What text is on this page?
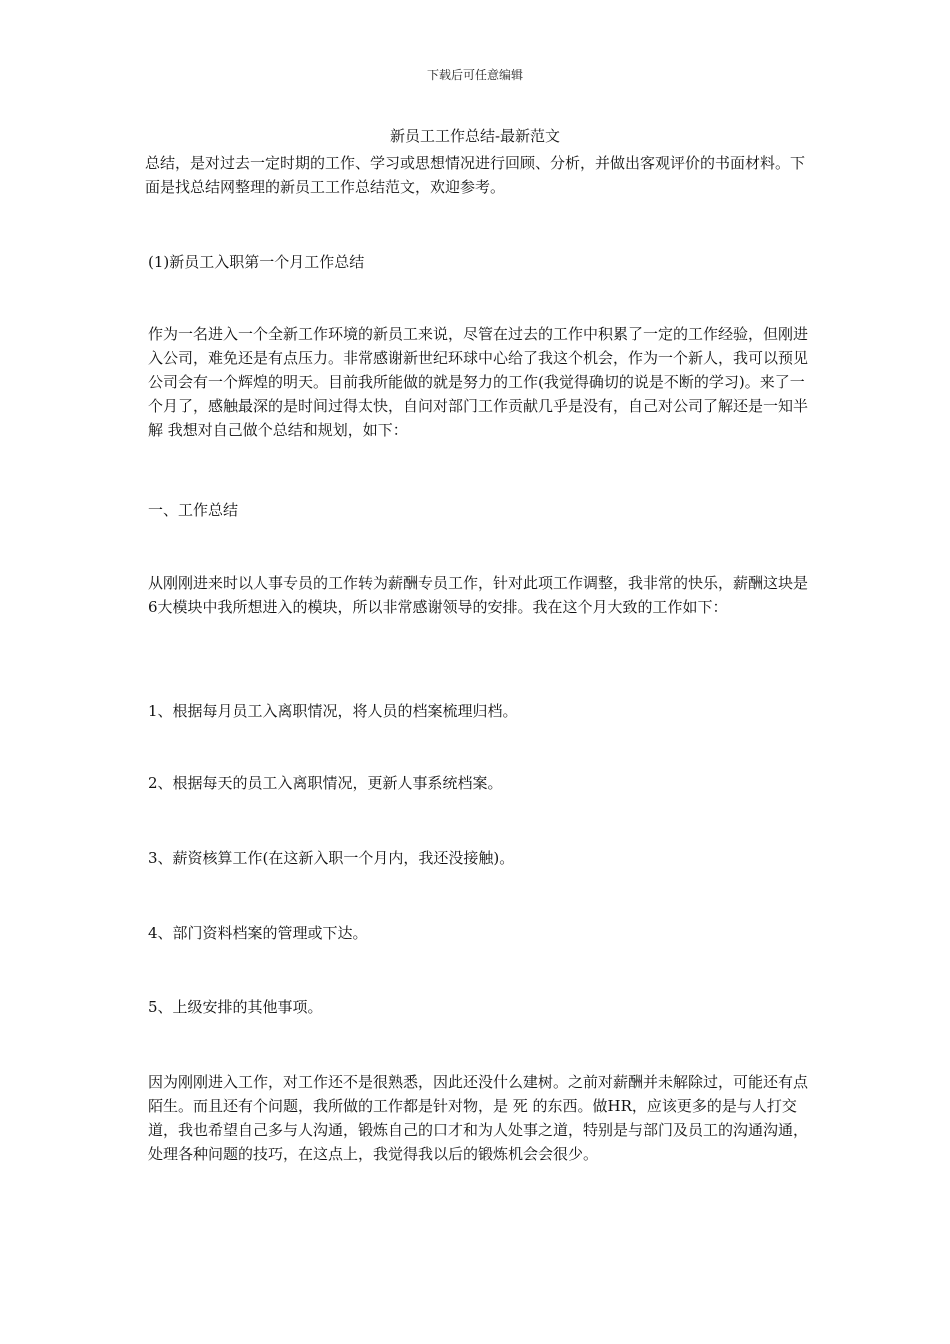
下载后可任意编辑
新员工工作总结-最新范文
总结，是对过去一定时期的工作、学习或思想情况进行回顾、分析，并做出客观评价的书面材料。下面是找总结网整理的新员工工作总结范文，欢迎参考。
(1)新员工入职第一个月工作总结
作为一名进入一个全新工作环境的新员工来说，尽管在过去的工作中积累了一定的工作经验，但刚进入公司，难免还是有点压力。非常感谢新世纪环球中心给了我这个机会，作为一个新人，我可以预见公司会有一个辉煌的明天。目前我所能做的就是努力的工作(我觉得确切的说是不断的学习)。来了一个月了，感触最深的是时间过得太快，自问对部门工作贡献几乎是没有，自己对公司了解还是一知半解 我想对自己做个总结和规划，如下：
一、工作总结
从刚刚进来时以人事专员的工作转为薪酬专员工作，针对此项工作调整，我非常的快乐，薪酬这块是6大模块中我所想进入的模块，所以非常感谢领导的安排。我在这个月大致的工作如下：
1、根据每月员工入离职情况，将人员的档案梳理归档。
2、根据每天的员工入离职情况，更新人事系统档案。
3、薪资核算工作(在这新入职一个月内，我还没接触)。
4、部门资料档案的管理或下达。
5、上级安排的其他事项。
因为刚刚进入工作，对工作还不是很熟悉，因此还没什么建树。之前对薪酬并未解除过，可能还有点陌生。而且还有个问题，我所做的工作都是针对物，是 死 的东西。做HR，应该更多的是与人打交道，我也希望自己多与人沟通，锻炼自己的口才和为人处事之道，特别是与部门及员工的沟通沟通，处理各种问题的技巧，在这点上，我觉得我以后的锻炼机会会很少。
